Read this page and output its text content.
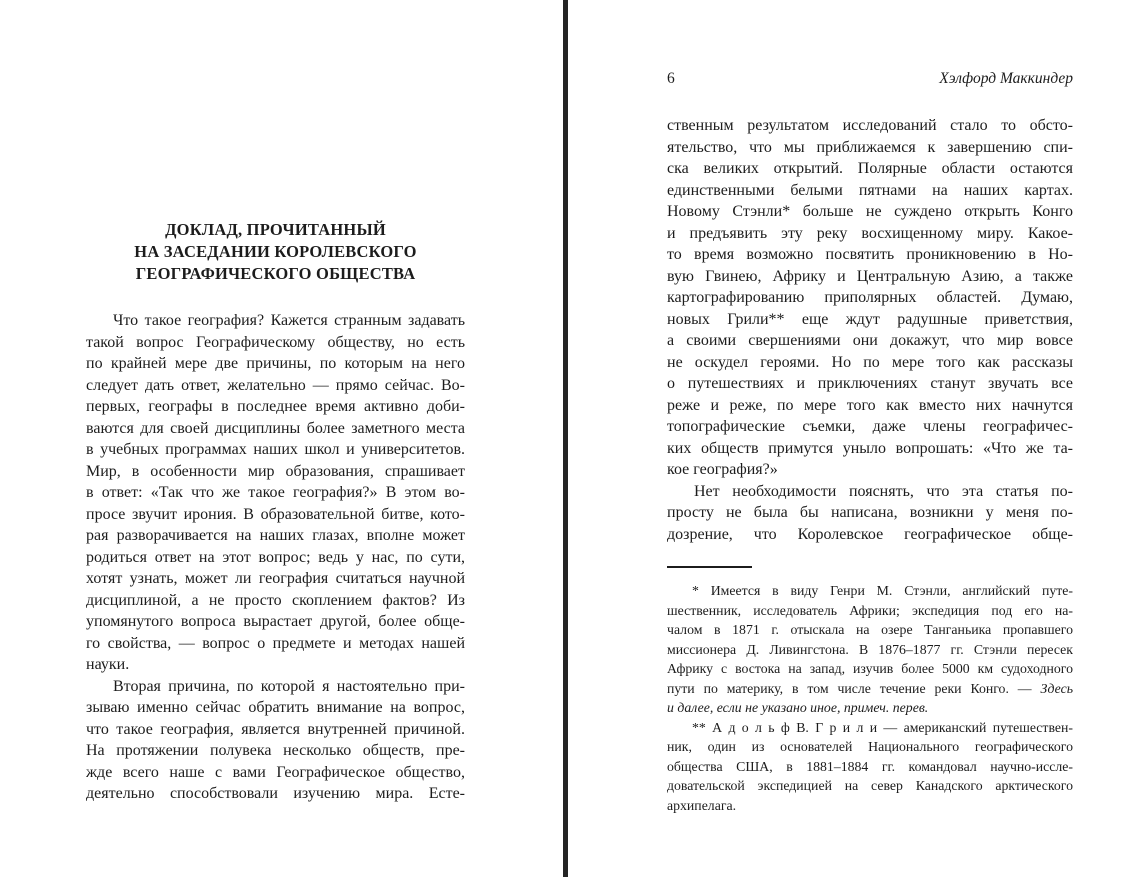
ДОКЛАД, ПРОЧИТАННЫЙ
НА ЗАСЕДАНИИ КОРОЛЕВСКОГО
ГЕОГРАФИЧЕСКОГО ОБЩЕСТВА
Что такое география? Кажется странным задавать
такой вопрос Географическому обществу, но есть
по крайней мере две причины, по которым на него
следует дать ответ, желательно — прямо сейчас. Во-
первых, географы в последнее время активно доби-
ваются для своей дисциплины более заметного места
в учебных программах наших школ и университетов.
Мир, в особенности мир образования, спрашивает
в ответ: «Так что же такое география?» В этом во-
просе звучит ирония. В образовательной битве, кото-
рая разворачивается на наших глазах, вполне может
родиться ответ на этот вопрос; ведь у нас, по сути,
хотят узнать, может ли география считаться научной
дисциплиной, а не просто скоплением фактов? Из
упомянутого вопроса вырастает другой, более обще-
го свойства, — вопрос о предмете и методах нашей
науки.
Вторая причина, по которой я настоятельно при-
зываю именно сейчас обратить внимание на вопрос,
что такое география, является внутренней причиной.
На протяжении полувека несколько обществ, пре-
жде всего наше с вами Географическое общество,
деятельно способствовали изучению мира. Есте-
6	Хэлфорд Маккиндер
ственным результатом исследований стало то обсто-
ятельство, что мы приближаемся к завершению спи-
ска великих открытий. Полярные области остаются
единственными белыми пятнами на наших картах.
Новому Стэнли* больше не суждено открыть Конго
и предъявить эту реку восхищенному миру. Какое-
то время возможно посвятить проникновению в Но-
вую Гвинею, Африку и Центральную Азию, а также
картографированию приполярных областей. Думаю,
новых Грили** еще ждут радушные приветствия,
а своими свершениями они докажут, что мир вовсе
не оскудел героями. Но по мере того как рассказы
о путешествиях и приключениях станут звучать все
реже и реже, по мере того как вместо них начнутся
топографические съемки, даже члены географичес-
ких обществ примутся уныло вопрошать: «Что же та-
кое география?»
Нет необходимости пояснять, что эта статья по-
просту не была бы написана, возникни у меня по-
дозрение, что Королевское географическое обще-
* Имеется в виду Генри М. Стэнли, английский путе-
шественник, исследователь Африки; экспедиция под его на-
чалом в 1871 г. отыскала на озере Танганьика пропавшего
миссионера Д. Ливингстона. В 1876–1877 гг. Стэнли пересек
Африку с востока на запад, изучив более 5000 км судоходного
пути по материку, в том числе течение реки Конго. — Здесь
и далее, если не указано иное, примеч. перев.
** А д о л ь ф В. Г р и л и — американский путешествен-
ник, один из основателей Национального географического
общества США, в 1881–1884 гг. командовал научно-иссле-
довательской экспедицией на север Канадского арктического
архипелага.
